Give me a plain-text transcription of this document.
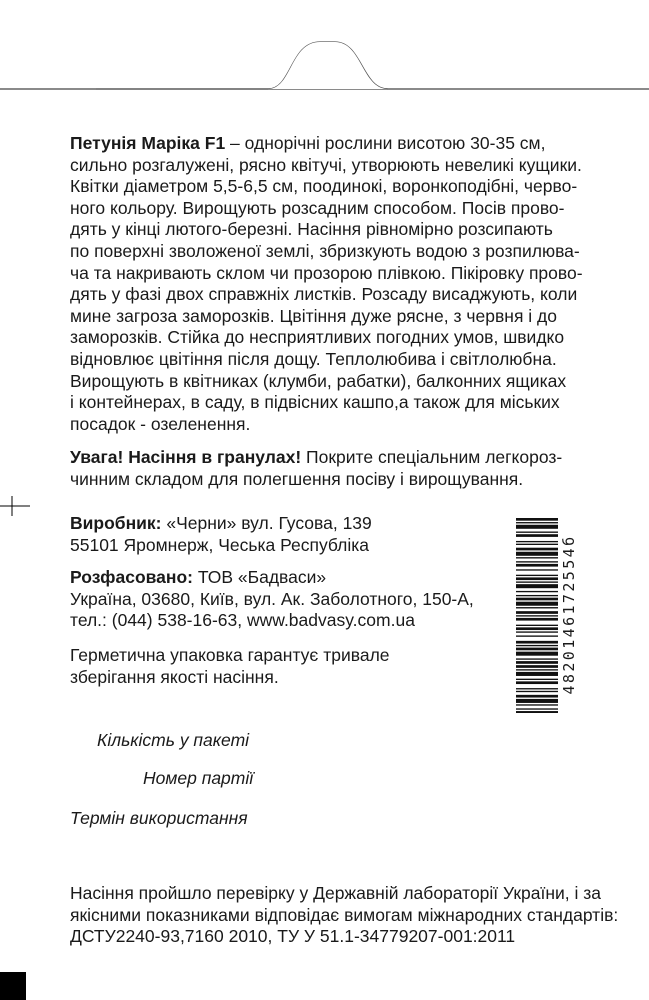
Петунія Маріка F1 – однорічні рослини висотою 30-35 см,
сильно розгалужені, рясно квітучі, утворюють невеликі кущики.
Квітки діаметром 5,5-6,5 см, поодинокі, воронкоподібні, черво-
ного кольору. Вирощують розсадним способом. Посів прово-
дять у кінці лютого-березні. Насіння рівномірно розсипають
по поверхні зволоженої землі, збризкують водою з розпилюва-
ча та накривають склом чи прозорою плівкою. Пікіровку прово-
дять у фазі двох справжніх листків. Розсаду висаджують, коли
мине загроза заморозків. Цвітіння дуже рясне, з червня і до
заморозків. Стійка до несприятливих погодних умов, швидко
відновлює цвітіння після дощу. Теплолюбива і світлолюбна.
Вирощують в квітниках (клумби, рабатки), балконних ящиках
і контейнерах, в саду, в підвісних кашпо,а також для міських
посадок - озеленення.

Увага! Насіння в гранулах! Покрите спеціальним легкороз-
чинним складом для полегшення посіву і вирощування.

Виробник: «Черни» вул. Гусова, 139
55101 Яромнерж, Чеська Республіка

Розфасовано: ТОВ «Бадваси»
Україна, 03680, Київ, вул. Ак. Заболотного, 150-А,
тел.: (044) 538-16-63, www.badvasy.com.ua

Герметична упаковка гарантує тривале
зберігання якості насіння.	4820146172554б
Кількість у пакеті
Номер партії
Термін використання

Насіння пройшло перевірку у Державній лабораторії України, і за
якісними показниками відповідає вимогам міжнародних стандартів:
ДСТУ2240-93,7160 2010, ТУ У 51.1-34779207-001:2011
